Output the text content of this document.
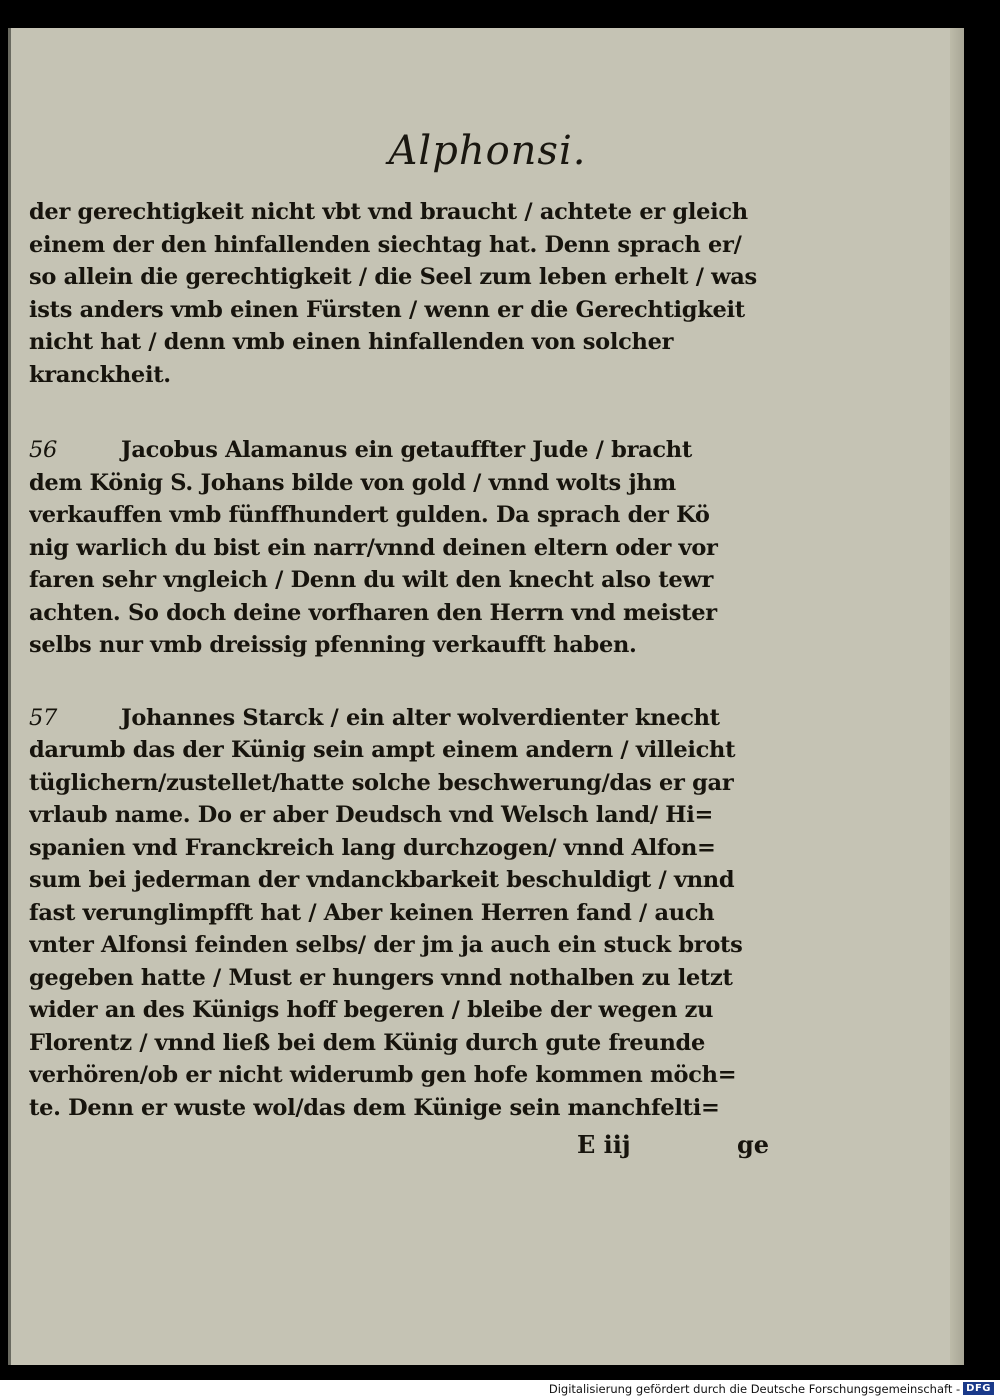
Alphonsi.
der gerechtigkeit nicht vbt vnd braucht / achtete er gleich
einem der den hinfallenden siechtag hat. Denn sprach er/
so allein die gerechtigkeit / die Seel zum leben erhelt / was
ists anders vmb einen Fürsten / wenn er die Gerechtigkeit
nicht hat / denn vmb einen hinfallenden von solcher
kranckheit.
56	Jacobus Alamanus ein getauffter Jude / bracht
dem König S. Johans bilde von gold / vnnd wolts jhm
verkauffen vmb fünffhundert gulden. Da sprach der Kö
nig warlich du bist ein narr/vnnd deinen eltern oder vor
faren sehr vngleich / Denn du wilt den knecht also tewr
achten. So doch deine vorfharen den Herrn vnd meister
selbs nur vmb dreissig pfenning verkaufft haben.
57	Johannes Starck / ein alter wolverdienter knecht
darumb das der Künig sein ampt einem andern / villeicht
tüglichern/zustellet/hatte solche beschwerung/das er gar
vrlaub name. Do er aber Deudsch vnd Welsch land/ Hi=
spanien vnd Franckreich lang durchzogen/ vnnd Alfon=
sum bei jederman der vndanckbarkeit beschuldigt / vnnd
fast verunglimpfft hat / Aber keinen Herren fand / auch
vnter Alfonsi feinden selbs/ der jm ja auch ein stuck brots
gegeben hatte / Must er hungers vnnd nothalben zu letzt
wider an des Künigs hoff begeren / bleibe der wegen zu
Florentz / vnnd ließ bei dem Künig durch gute freunde
verhören/ob er nicht widerumb gen hofe kommen möch=
te. Denn er wuste wol/das dem Künige sein manchfelti=
E iij	ge
Digitalisierung gefördert durch die Deutsche Forschungsgemeinschaft - DFG
